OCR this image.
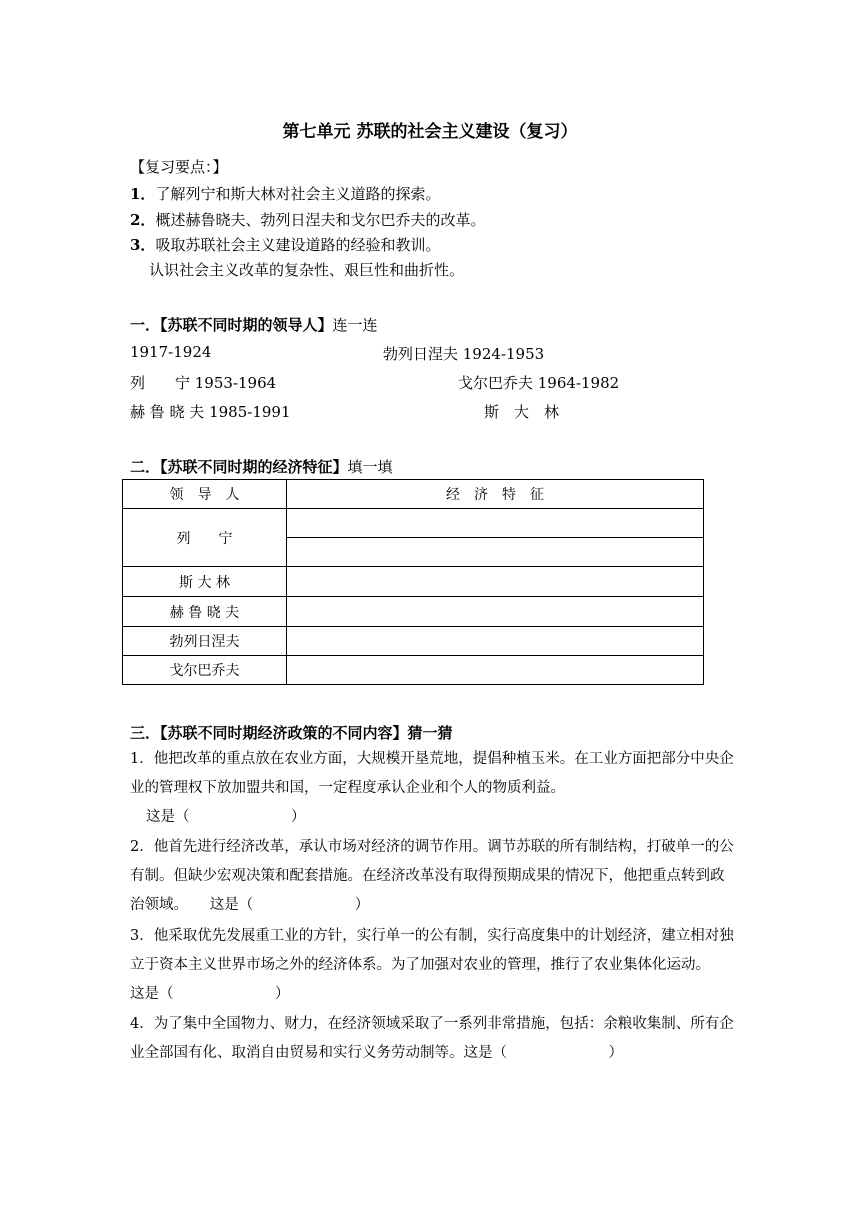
第七单元 苏联的社会主义建设（复习）
【复习要点：】
1．了解列宁和斯大林对社会主义道路的探索。
2．概述赫鲁晓夫、勃列日涅夫和戈尔巴乔夫的改革。
3．吸取苏联社会主义建设道路的经验和教训。
认识社会主义改革的复杂性、艰巨性和曲折性。
一．【苏联不同时期的领导人】连一连
1917-1924
列　　宁 1953-1964
赫 鲁 晓 夫 1985-1991
勃列日涅夫 1924-1953
戈尔巴乔夫 1964-1982
斯　大　林
二．【苏联不同时期的经济特征】填一填
领　导　人	经　济　特　征
列　　宁	

斯 大 林	
赫 鲁 晓 夫	
勃列日涅夫	
戈尔巴乔夫	
三．【苏联不同时期经济政策的不同内容】猜一猜
1．他把改革的重点放在农业方面，大规模开垦荒地，提倡种植玉米。在工业方面把部分中央企业的管理权下放加盟共和国，一定程度承认企业和个人的物质利益。
这是（　　　　　　　）
2．他首先进行经济改革，承认市场对经济的调节作用。调节苏联的所有制结构，打破单一的公有制。但缺少宏观决策和配套措施。在经济改革没有取得预期成果的情况下，他把重点转到政治领域。　　 这是（　　　　　　　）
3．他采取优先发展重工业的方针，实行单一的公有制，实行高度集中的计划经济，建立相对独立于资本主义世界市场之外的经济体系。为了加强对农业的管理，推行了农业集体化运动。　　　这是（　　　　　　　）
4．为了集中全国物力、财力，在经济领域采取了一系列非常措施，包括：余粮收集制、所有企业全部国有化、取消自由贸易和实行义务劳动制等。这是（　　　　　　　）
